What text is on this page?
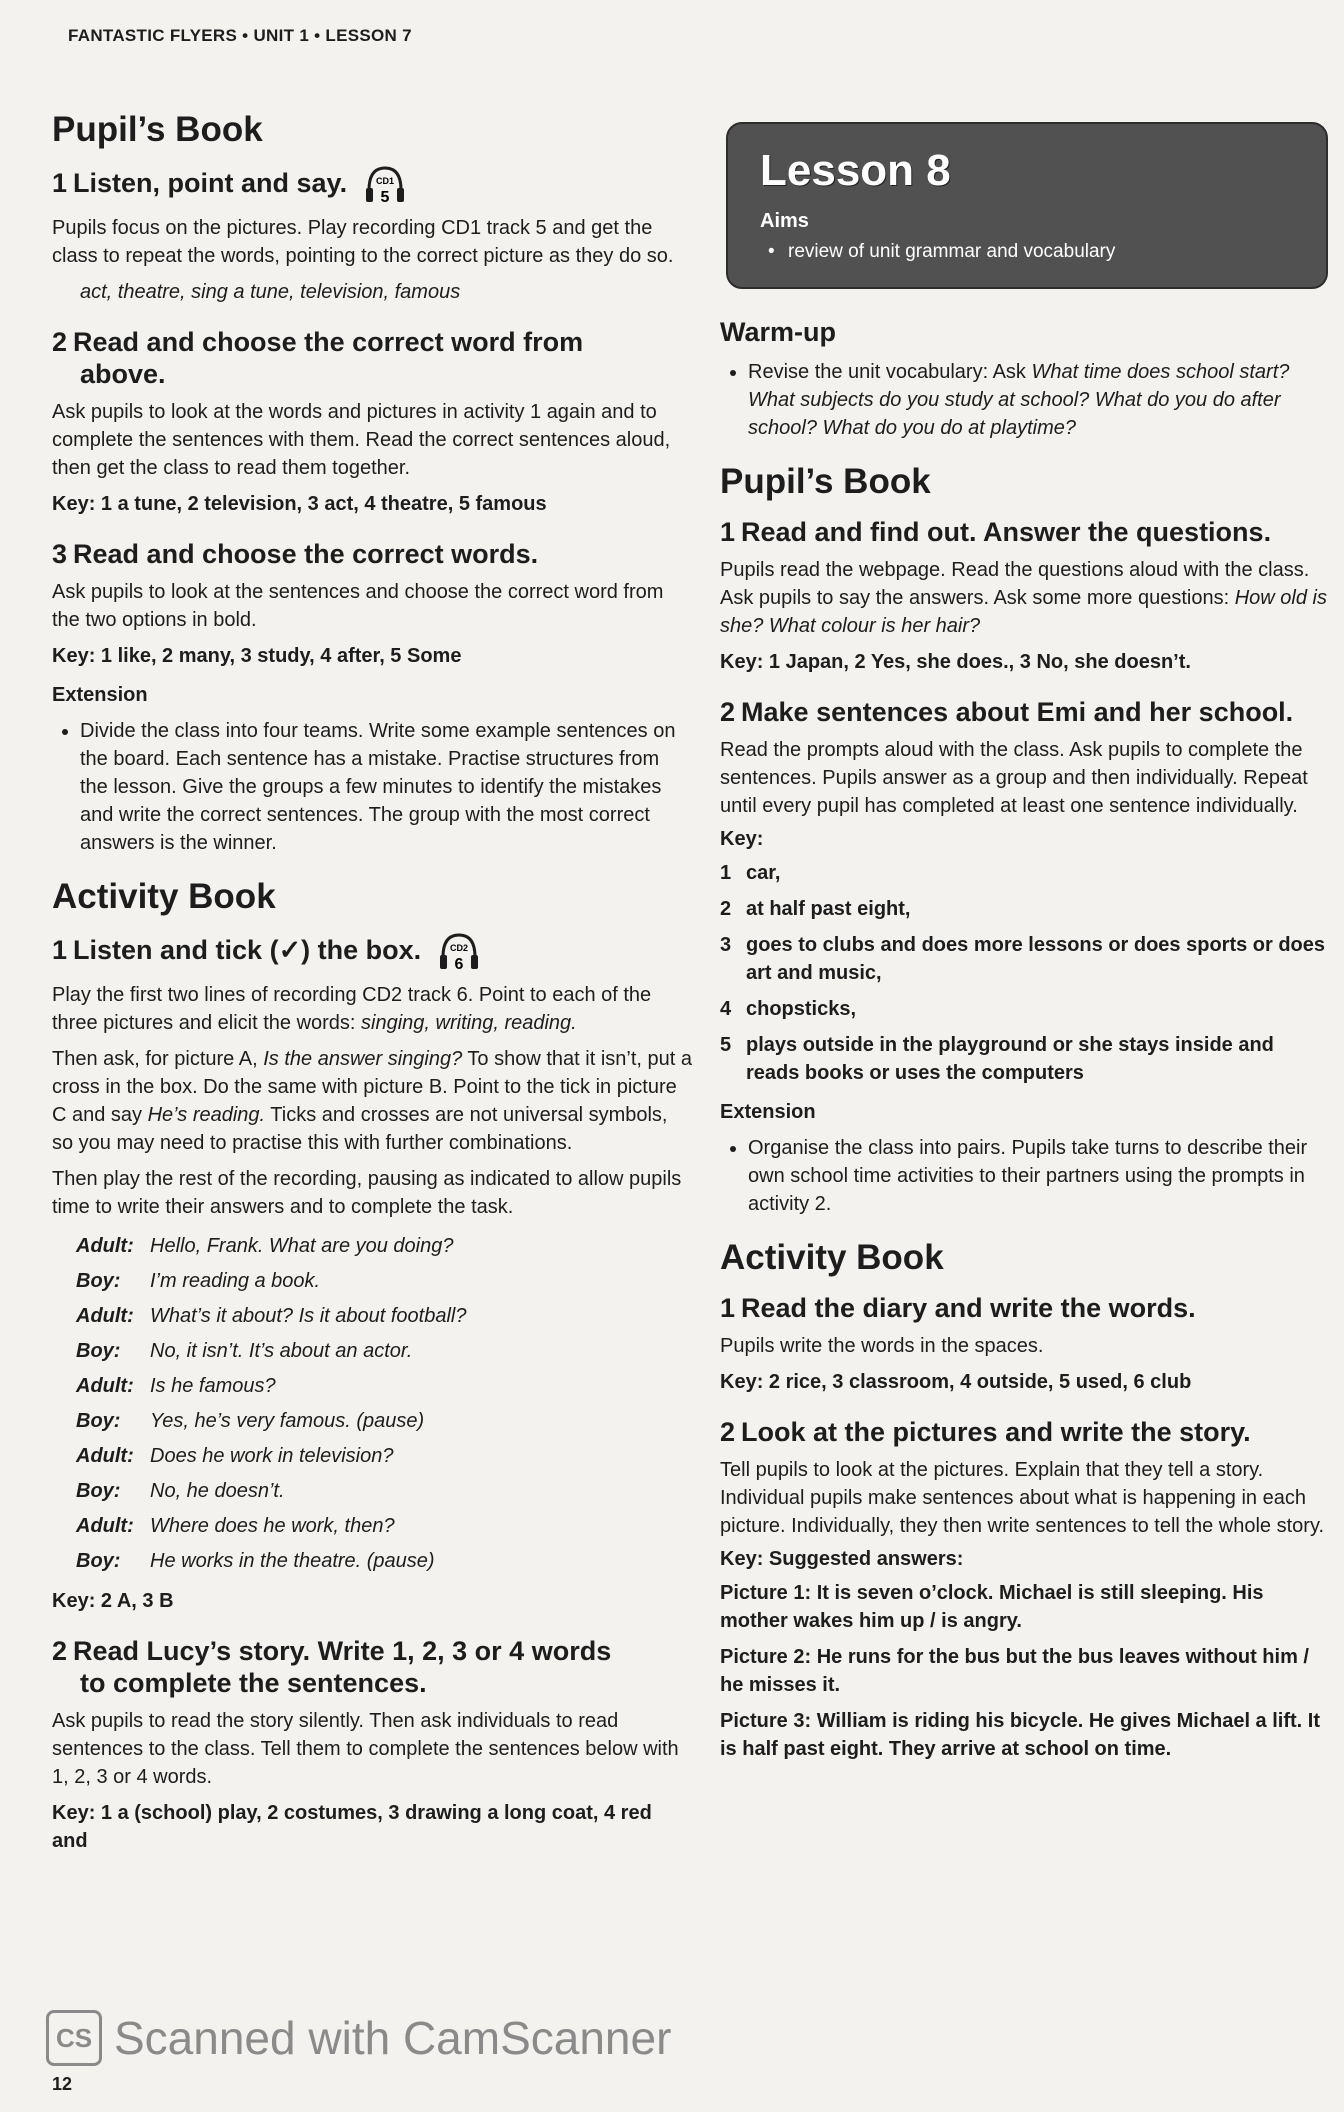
FANTASTIC FLYERS • UNIT 1 • LESSON 7
Pupil’s Book
1 Listen, point and say.	CD1
5

Pupils focus on the pictures. Play recording CD1 track 5 and get the class to repeat the words, pointing to the correct picture as they do so.

act, theatre, sing a tune, television, famous

2 Read and choose the correct word from
above.

Ask pupils to look at the words and pictures in activity 1 again and to complete the sentences with them. Read the correct sentences aloud, then get the class to read them together.

Key: 1 a tune, 2 television, 3 act, 4 theatre, 5 famous
3 Read and choose the correct words.

Ask pupils to look at the sentences and choose the correct word from the two options in bold.

Key: 1 like, 2 many, 3 study, 4 after, 5 Some
Extension
• Divide the class into four teams. Write some example sentences on the board. Each sentence has a mistake. Practise structures from the lesson. Give the groups a few minutes to identify the mistakes and write the correct sentences. The group with the most correct answers is the winner.
Activity Book
1 Listen and tick (✓) the box.	CD2
6

Play the first two lines of recording CD2 track 6. Point to each of the three pictures and elicit the words: singing, writing, reading.

Then ask, for picture A, Is the answer singing? To show that it isn’t, put a cross in the box. Do the same with picture B. Point to the tick in picture C and say He’s reading. Ticks and crosses are not universal symbols, so you may need to practise this with further combinations.

Then play the rest of the recording, pausing as indicated to allow pupils time to write their answers and to complete the task.

Adult: Hello, Frank. What are you doing?
Boy:	I’m reading a book.
Adult: What’s it about? Is it about football?
Boy:	No, it isn’t. It’s about an actor.
Adult: Is he famous?
Boy:	Yes, he’s very famous. (pause)
Adult: Does he work in television?
Boy:	No, he doesn’t.
Adult: Where does he work, then?
Boy:	He works in the theatre. (pause)
Key: 2 A, 3 B
2 Read Lucy’s story. Write 1, 2, 3 or 4 words
to complete the sentences.

Ask pupils to read the story silently. Then ask individuals to read sentences to the class. Tell them to complete the sentences below with 1, 2, 3 or 4 words.

Key: 1 a (school) play, 2 costumes, 3 drawing a long coat, 4 red and
Lesson 8
Aims
• review of unit grammar and vocabulary
Warm-up
• Revise the unit vocabulary: Ask What time does school start? What subjects do you study at school? What do you do after school? What do you do at playtime?
Pupil’s Book
1 Read and find out. Answer the questions.

Pupils read the webpage. Read the questions aloud with the class. Ask pupils to say the answers. Ask some more questions: How old is she? What colour is her hair?

Key: 1 Japan, 2 Yes, she does., 3 No, she doesn’t.
2 Make sentences about Emi and her school.

Read the prompts aloud with the class. Ask pupils to complete the sentences. Pupils answer as a group and then individually. Repeat until every pupil has completed at least one sentence individually.

Key:
1 car,
2 at half past eight,
3 goes to clubs and does more lessons or does sports or does art and music,
4 chopsticks,
5 plays outside in the playground or she stays inside and reads books or uses the computers
Extension
• Organise the class into pairs. Pupils take turns to describe their own school time activities to their partners using the prompts in activity 2.
Activity Book
1 Read the diary and write the words.

Pupils write the words in the spaces.

Key: 2 rice, 3 classroom, 4 outside, 5 used, 6 club
2 Look at the pictures and write the story.

Tell pupils to look at the pictures. Explain that they tell a story. Individual pupils make sentences about what is happening in each picture. Individually, they then write sentences to tell the whole story.

Key: Suggested answers:
Picture 1: It is seven o’clock. Michael is still sleeping. His mother wakes him up / is angry.
Picture 2: He runs for the bus but the bus leaves without him / he misses it.
Picture 3: William is riding his bicycle. He gives Michael a lift. It is half past eight. They arrive at school on time.
CS Scanned with CamScanner
12
